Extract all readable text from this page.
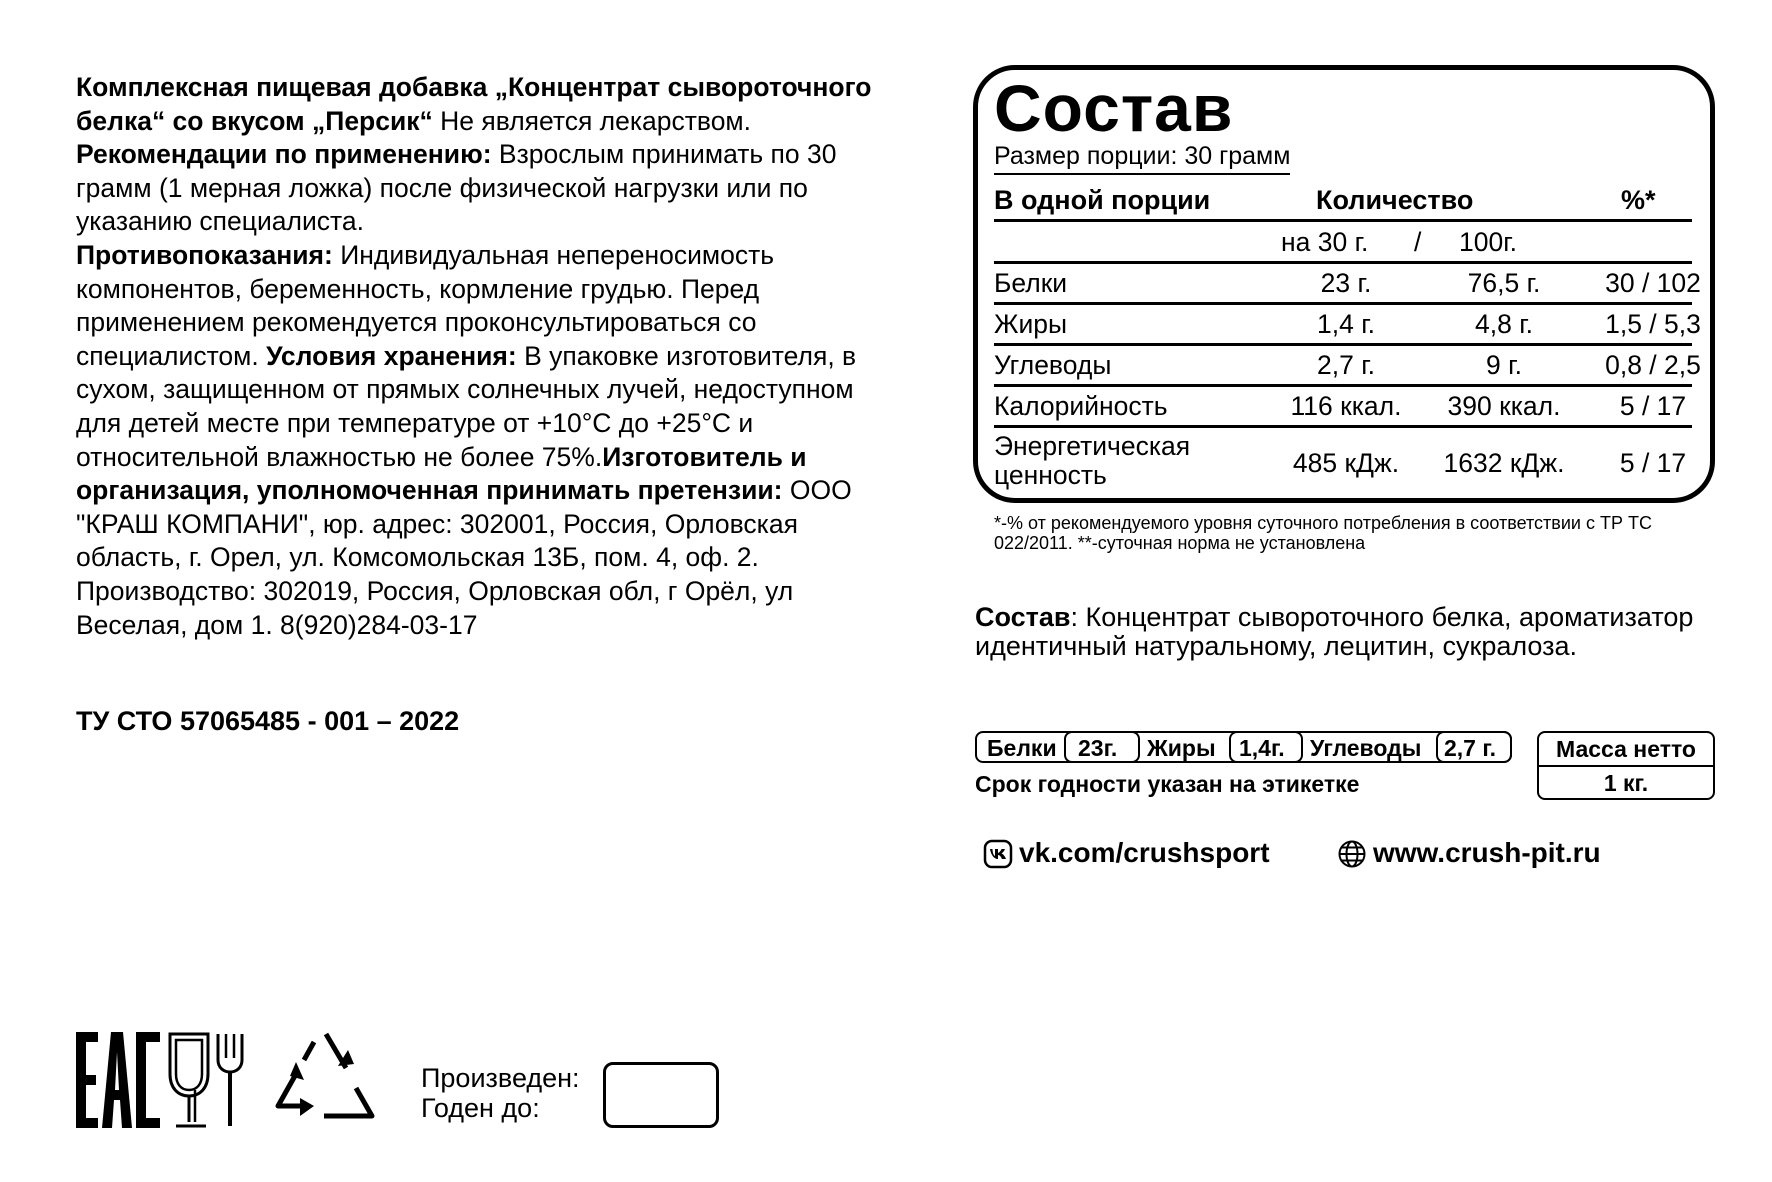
Комплексная пищевая добавка „Концентрат сывороточного белка“ со вкусом „Персик“ Не является лекарством. Рекомендации по применению: Взрослым принимать по 30 грамм (1 мерная ложка) после физической нагрузки или по указанию специалиста.
Противопоказания: Индивидуальная непереносимость компонентов, беременность, кормление грудью. Перед применением рекомендуется проконсультироваться со специалистом. Условия хранения: В упаковке изготовителя, в сухом, защищенном от прямых солнечных лучей, недоступном для детей месте при температуре от +10°С до +25°С и относительной влажностью не более 75%.Изготовитель и организация, уполномоченная принимать претензии: ООО "КРАШ КОМПАНИ", юр. адрес: 302001, Россия, Орловская область, г. Орел, ул. Комсомольская 13Б, пом. 4, оф. 2. Производство: 302019, Россия, Орловская обл, г Орёл, ул Веселая, дом 1. 8(920)284-03-17

ТУ СТО 57065485 - 001 – 2022
Состав
Размер порции: 30 грамм
В одной порции	Количество	%*
на 30 г. / 100г.
Белки	23 г.	76,5 г.	30 / 102
Жиры	1,4 г.	4,8 г.	1,5 / 5,3
Углеводы	2,7 г.	9 г.	0,8 / 2,5
Калорийность	116 ккал.	390 ккал.	5 / 17
Энергетическая
ценность	485 кДж.	1632 кДж.	5 / 17
*-% от рекомендуемого уровня суточного потребления в соответствии с ТР ТС 022/2011. **-суточная норма не установлена
Состав: Концентрат сывороточного белка, ароматизатор идентичный натуральному, лецитин, сукралоза.
Белки 23г. Жиры 1,4г. Углеводы 2,7 г.
Срок годности указан на этикетке
Масса нетто
1 кг.
vk.com/crushsport	www.crush-pit.ru
Произведен:
Годен до:
